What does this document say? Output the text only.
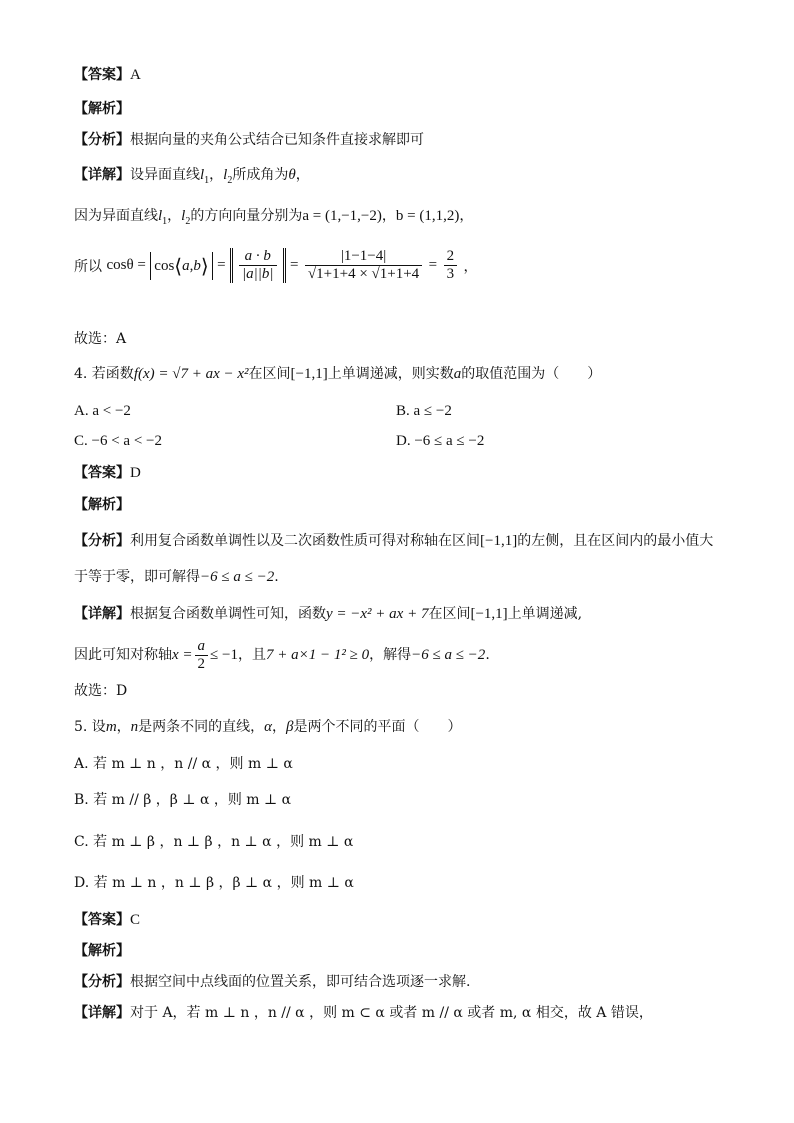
【答案】A
【解析】
【分析】根据向量的夹角公式结合已知条件直接求解即可
【详解】设异面直线$l_1$，$l_2$所成角为θ，
因为异面直线$l_1$，$l_2$的方向向量分别为a = (1,−1,−2)，b = (1,1,2)，
所以 cosθ = cos⟨a,b⟩ = $\frac{a \cdot b}{|a||b|} = \frac{|1-1-4|}{√1+1+4 \times √1+1+4} = \frac{2}{3}$ ，
故选：A
4. 若函数f(x) = √7 + ax − x²在区间[−1,1]上单调递减，则实数a的取值范围为（　　）
A. a < −2	B. a ≤ −2
C. −6 < a < −2	D. −6 ≤ a ≤ −2
【答案】D
【解析】
【分析】利用复合函数单调性以及二次函数性质可得对称轴在区间[−1,1]的左侧，且在区间内的最小值大
于等于零，即可解得−6 ≤ a ≤ −2.
【详解】根据复合函数单调性可知，函数y = −x² + ax + 7在区间[−1,1]上单调递减,
因此可知对称轴$x = \frac{a}{2} \le -1$，且7 + a×1 − 1² ≥ 0，解得−6 ≤ a ≤ −2.
故选：D
5. 设m，n是两条不同的直线，α，β是两个不同的平面（　　）
A. 若 m ⊥ n ，n // α ，则 m ⊥ α
B. 若 m // β ，β ⊥ α ，则 m ⊥ α
C. 若 m ⊥ β ，n ⊥ β ，n ⊥ α ，则 m ⊥ α
D. 若 m ⊥ n ，n ⊥ β ，β ⊥ α ，则 m ⊥ α
【答案】C
【解析】
【分析】根据空间中点线面的位置关系，即可结合选项逐一求解.
【详解】对于 A，若 m ⊥ n ，n // α ，则 m ⊂ α 或者 m // α 或者 m, α 相交，故 A 错误，
